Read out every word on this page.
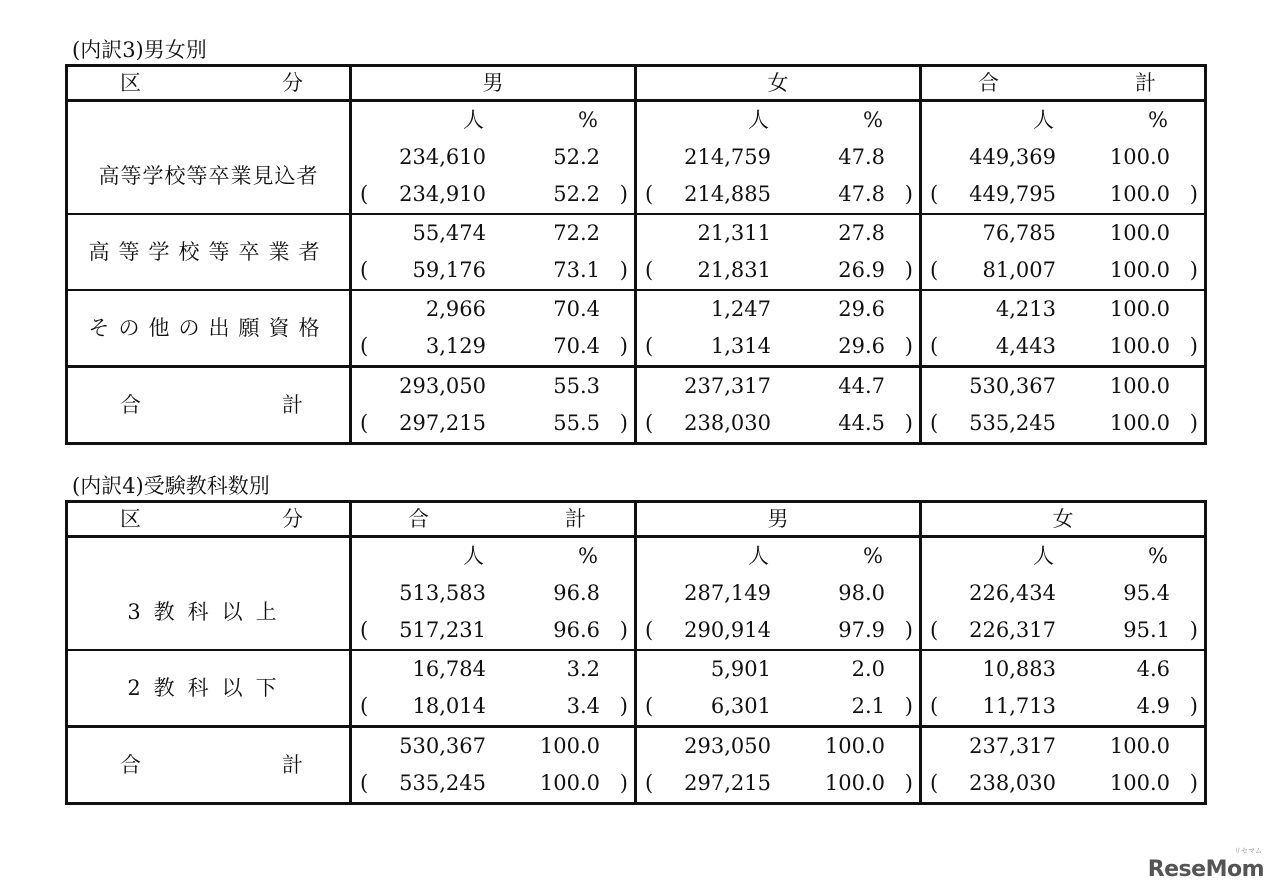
(内訳3)男女別
区 分	男	女	合 計

高等学校等卒業見込者	人 %	人 %	人 %

	234,610 52.2	214,759 47.8	449,369 100.0

	( 234,910 52.2 )	( 214,885 47.8 )	( 449,795 100.0 )

高等学校等卒業者	55,474 72.2	21,311 27.8	76,785 100.0

	( 59,176 73.1 )	( 21,831 26.9 )	( 81,007 100.0 )

その他の出願資格	2,966 70.4	1,247 29.6	4,213 100.0

	( 3,129 70.4 )	( 1,314 29.6 )	( 4,443 100.0 )

合 計	293,050 55.3	237,317 44.7	530,367 100.0

	( 297,215 55.5 )	( 238,030 44.5 )	( 535,245 100.0 )
(内訳4)受験教科数別
区 分	合 計	男	女

3教科以上	人 %	人 %	人 %

	513,583 96.8	287,149 98.0	226,434 95.4

	( 517,231 96.6 )	( 290,914 97.9 )	( 226,317 95.1 )

2教科以下	16,784 3.2	5,901 2.0	10,883 4.6

	( 18,014 3.4 )	( 6,301 2.1 )	( 11,713 4.9 )

合 計	530,367 100.0	293,050 100.0	237,317 100.0

	( 535,245 100.0 )	( 297,215 100.0 )	( 238,030 100.0 )
リセマム
ReseMom
